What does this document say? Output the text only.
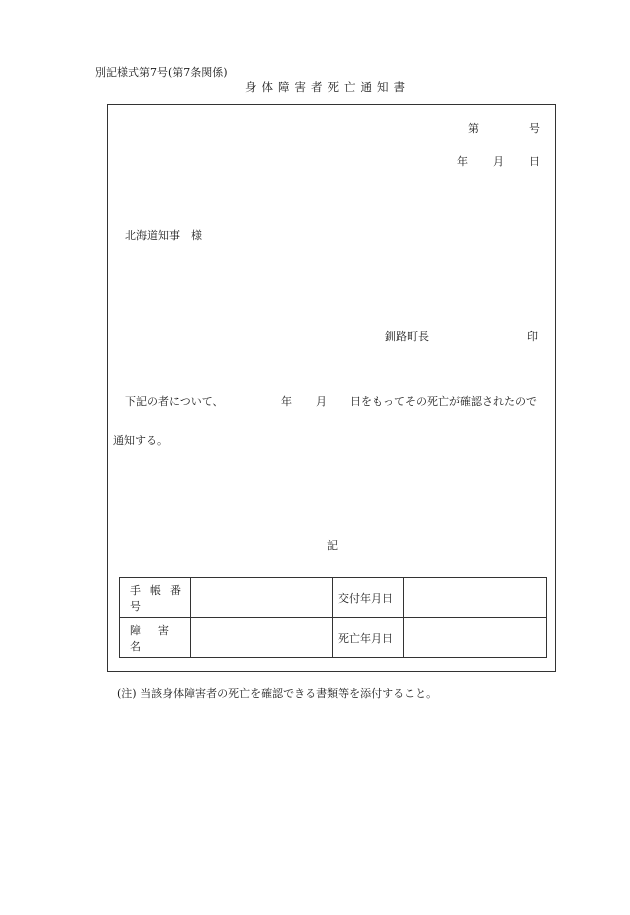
別記様式第7号(第7条関係)
身体障害者死亡通知書
第	号
年 月 日
北海道知事　様
釧路町長	印
下記の者について、	年 月 日をもってその死亡が確認されたので
通知する。
記
手帳番号		交付年月日	
障害名		死亡年月日	
(注) 当該身体障害者の死亡を確認できる書類等を添付すること。
